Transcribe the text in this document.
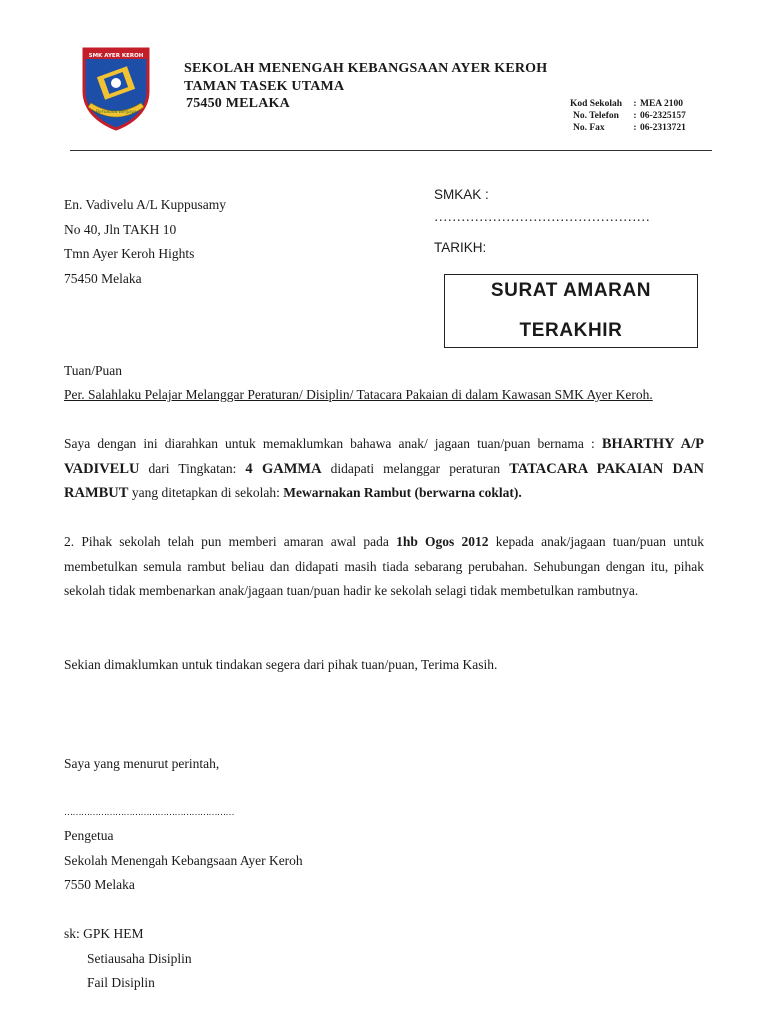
SMK AYER KEROH
Berusaha Berjaya
SEKOLAH MENENGAH KEBANGSAAN AYER KEROH
TAMAN TASEK UTAMA
75450 MELAKA	Kod Sekolah	: MEA 2100
No. Telefon	: 06-2325157
No. Fax	: 06-2313721
En. Vadivelu A/L Kuppusamy
No 40, Jln TAKH 10
Tmn Ayer Keroh Hights
75450 Melaka
SMKAK :
…………………………………………
TARIKH:
SURAT AMARAN
TERAKHIR
Tuan/Puan
Per. Salahlaku Pelajar Melanggar Peraturan/ Disiplin/ Tatacara Pakaian di dalam Kawasan SMK Ayer Keroh.
Saya dengan ini diarahkan untuk memaklumkan bahawa anak/ jagaan tuan/puan bernama : BHARTHY A/P VADIVELU dari Tingkatan: 4 GAMMA didapati melanggar peraturan TATACARA PAKAIAN DAN RAMBUT yang ditetapkan di sekolah: Mewarnakan Rambut (berwarna coklat).
2. Pihak sekolah telah pun memberi amaran awal pada 1hb Ogos 2012 kepada anak/jagaan tuan/puan untuk membetulkan semula rambut beliau dan didapati masih tiada sebarang perubahan. Sehubungan dengan itu, pihak sekolah tidak membenarkan anak/jagaan tuan/puan hadir ke sekolah selagi tidak membetulkan rambutnya.
Sekian dimaklumkan untuk tindakan segera dari pihak tuan/puan, Terima Kasih.
Saya yang menurut perintah,
……………………………………………………
Pengetua
Sekolah Menengah Kebangsaan Ayer Keroh
7550 Melaka
sk: GPK HEM
Setiausaha Disiplin
Fail Disiplin
